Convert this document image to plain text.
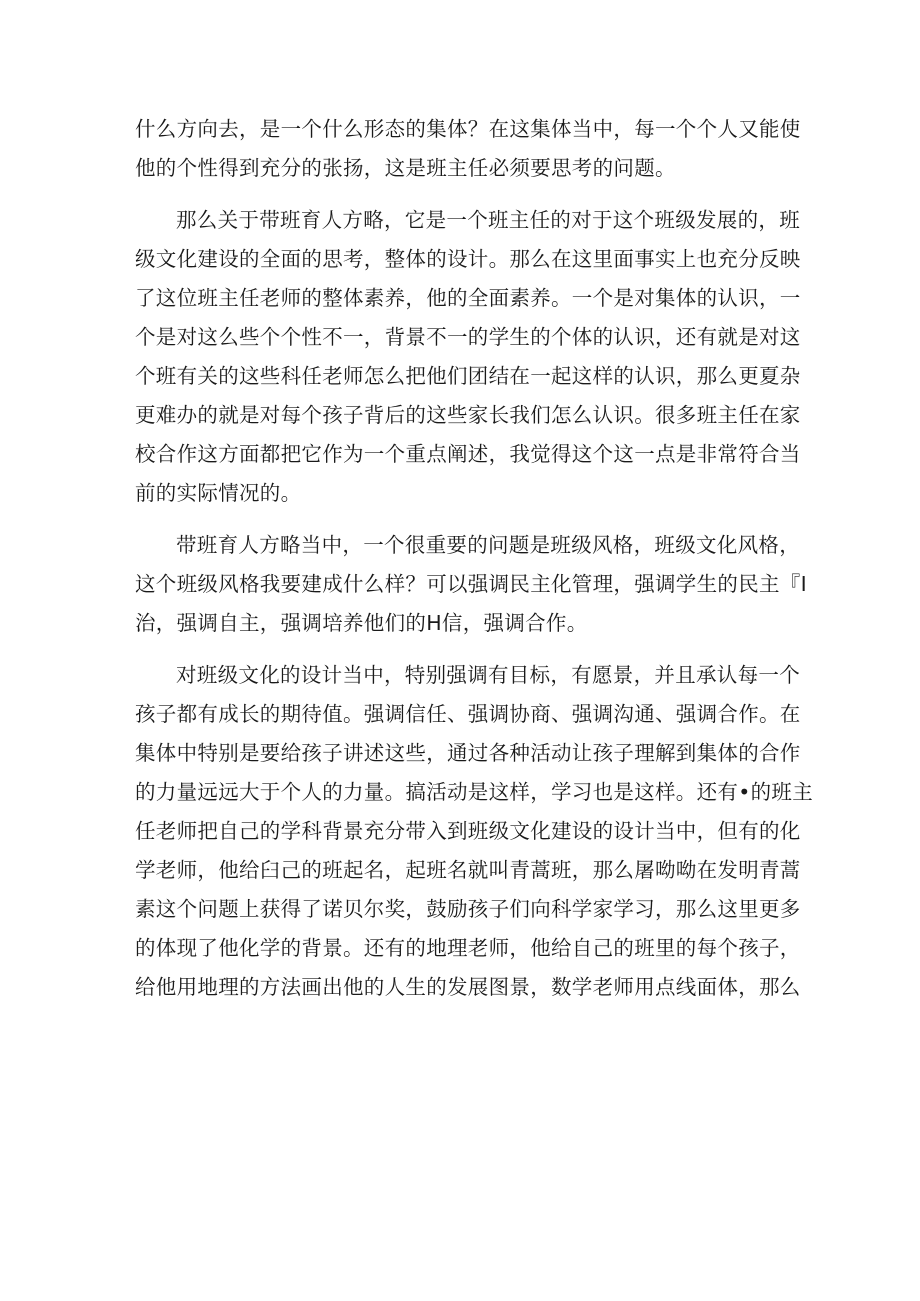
什么方向去，是一个什么形态的集体？在这集体当中，每一个个人又能使
他的个性得到充分的张扬，这是班主任必须要思考的问题。
那么关于带班育人方略，它是一个班主任的对于这个班级发展的，班
级文化建设的全面的思考，整体的设计。那么在这里面事实上也充分反映
了这位班主任老师的整体素养，他的全面素养。一个是对集体的认识，一
个是对这么些个个性不一，背景不一的学生的个体的认识，还有就是对这
个班有关的这些科任老师怎么把他们团结在一起这样的认识，那么更夏杂
更难办的就是对每个孩子背后的这些家长我们怎么认识。很多班主任在家
校合作这方面都把它作为一个重点阐述，我觉得这个这一点是非常符合当
前的实际情况的。
带班育人方略当中，一个很重要的问题是班级风格，班级文化风格，
这个班级风格我要建成什么样？可以强调民主化管理，强调学生的民主『I
治，强调自主，强调培养他们的H信，强调合作。
对班级文化的设计当中，特别强调有目标，有愿景，并且承认每一个
孩子都有成长的期待值。强调信任、强调协商、强调沟通、强调合作。在
集体中特别是要给孩子讲述这些，通过各种活动让孩子理解到集体的合作
的力量远远大于个人的力量。搞活动是这样，学习也是这样。还有•的班主
任老师把自己的学科背景充分带入到班级文化建设的设计当中，但有的化
学老师，他给臼己的班起名，起班名就叫青蒿班，那么屠呦呦在发明青蒿
素这个问题上获得了诺贝尔奖，鼓励孩子们向科学家学习，那么这里更多
的体现了他化学的背景。还有的地理老师，他给自己的班里的每个孩子，
给他用地理的方法画出他的人生的发展图景，数学老师用点线面体，那么
